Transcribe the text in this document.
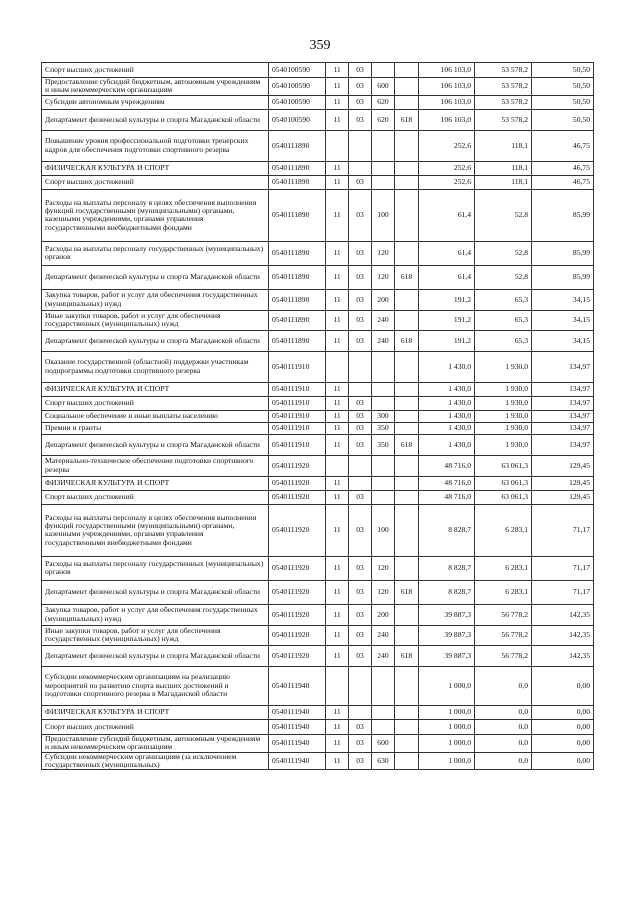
359
Спорт высших достижений	0540100590	11	03			106 103,0	53 578,2	50,50
Предоставление субсидий бюджетным, автономным учреждениям и иным некоммерческим организациям	0540100590	11	03	600		106 103,0	53 578,2	50,50
Субсидии автономным учреждениям	0540100590	11	03	620		106 103,0	53 578,2	50,50
Департамент физической культуры и спорта Магаданской области	0540100590	11	03	620	618	106 103,0	53 578,2	50,50
Повышение уровня профессиональной подготовки тренерских кадров для обеспечения подготовки спортивного резерва	0540111890					252,6	118,1	46,75
ФИЗИЧЕСКАЯ КУЛЬТУРА И СПОРТ	0540111890	11				252,6	118,1	46,75
Спорт высших достижений	0540111890	11	03			252,6	118,1	46,75
Расходы на выплаты персоналу в целях обеспечения выполнения функций государственными (муниципальными) органами, казенными учреждениями, органами управления государственными внебюджетными фондами	0540111890	11	03	100		61,4	52,8	85,99
Расходы на выплаты персоналу государственных (муниципальных) органов	0540111890	11	03	120		61,4	52,8	85,99
Департамент физической культуры и спорта Магаданской области	0540111890	11	03	120	618	61,4	52,8	85,99
Закупка товаров, работ и услуг для обеспечения государственных (муниципальных) нужд	0540111890	11	03	200		191,2	65,3	34,15
Иные закупки товаров, работ и услуг для обеспечения государственных (муниципальных) нужд	0540111890	11	03	240		191,2	65,3	34,15
Департамент физической культуры и спорта Магаданской области	0540111890	11	03	240	618	191,2	65,3	34,15
Оказание государственной (областной) поддержки участникам подпрограммы подготовки спортивного резерва	0540111910					1 430,0	1 930,0	134,97
ФИЗИЧЕСКАЯ КУЛЬТУРА И СПОРТ	0540111910	11				1 430,0	1 930,0	134,97
Спорт высших достижений	0540111910	11	03			1 430,0	1 930,0	134,97
Социальное обеспечение и иные выплаты населению	0540111910	11	03	300		1 430,0	1 930,0	134,97
Премии и гранты	0540111910	11	03	350		1 430,0	1 930,0	134,97
Департамент физической культуры и спорта Магаданской области	0540111910	11	03	350	618	1 430,0	1 930,0	134,97
Материально-техническое обеспечение подготовки спортивного резерва	0540111920					48 716,0	63 061,3	129,45
ФИЗИЧЕСКАЯ КУЛЬТУРА И СПОРТ	0540111920	11				48 716,0	63 061,3	129,45
Спорт высших достижений	0540111920	11	03			48 716,0	63 061,3	129,45
Расходы на выплаты персоналу в целях обеспечения выполнения функций государственными (муниципальными) органами, казенными учреждениями, органами управления государственными внебюджетными фондами	0540111920	11	03	100		8 828,7	6 283,1	71,17
Расходы на выплаты персоналу государственных (муниципальных) органов	0540111920	11	03	120		8 828,7	6 283,1	71,17
Департамент физической культуры и спорта Магаданской области	0540111920	11	03	120	618	8 828,7	6 283,1	71,17
Закупка товаров, работ и услуг для обеспечения государственных (муниципальных) нужд	0540111920	11	03	200		39 887,3	56 778,2	142,35
Иные закупки товаров, работ и услуг для обеспечения государственных (муниципальных) нужд	0540111920	11	03	240		39 887,3	56 778,2	142,35
Департамент физической культуры и спорта Магаданской области	0540111920	11	03	240	618	39 887,3	56 778,2	142,35
Субсидии некоммерческим организациям на реализацию мероприятий по развитию спорта высших достижений и подготовки спортивного резерва в Магаданской области	0540111940					1 000,0	0,0	0,00
ФИЗИЧЕСКАЯ КУЛЬТУРА И СПОРТ	0540111940	11				1 000,0	0,0	0,00
Спорт высших достижений	0540111940	11	03			1 000,0	0,0	0,00
Предоставление субсидий бюджетным, автономным учреждениям и иным некоммерческим организациям	0540111940	11	03	600		1 000,0	0,0	0,00
Субсидии некоммерческим организациям (за исключением государственных (муниципальных)	0540111940	11	03	630		1 000,0	0,0	0,00
